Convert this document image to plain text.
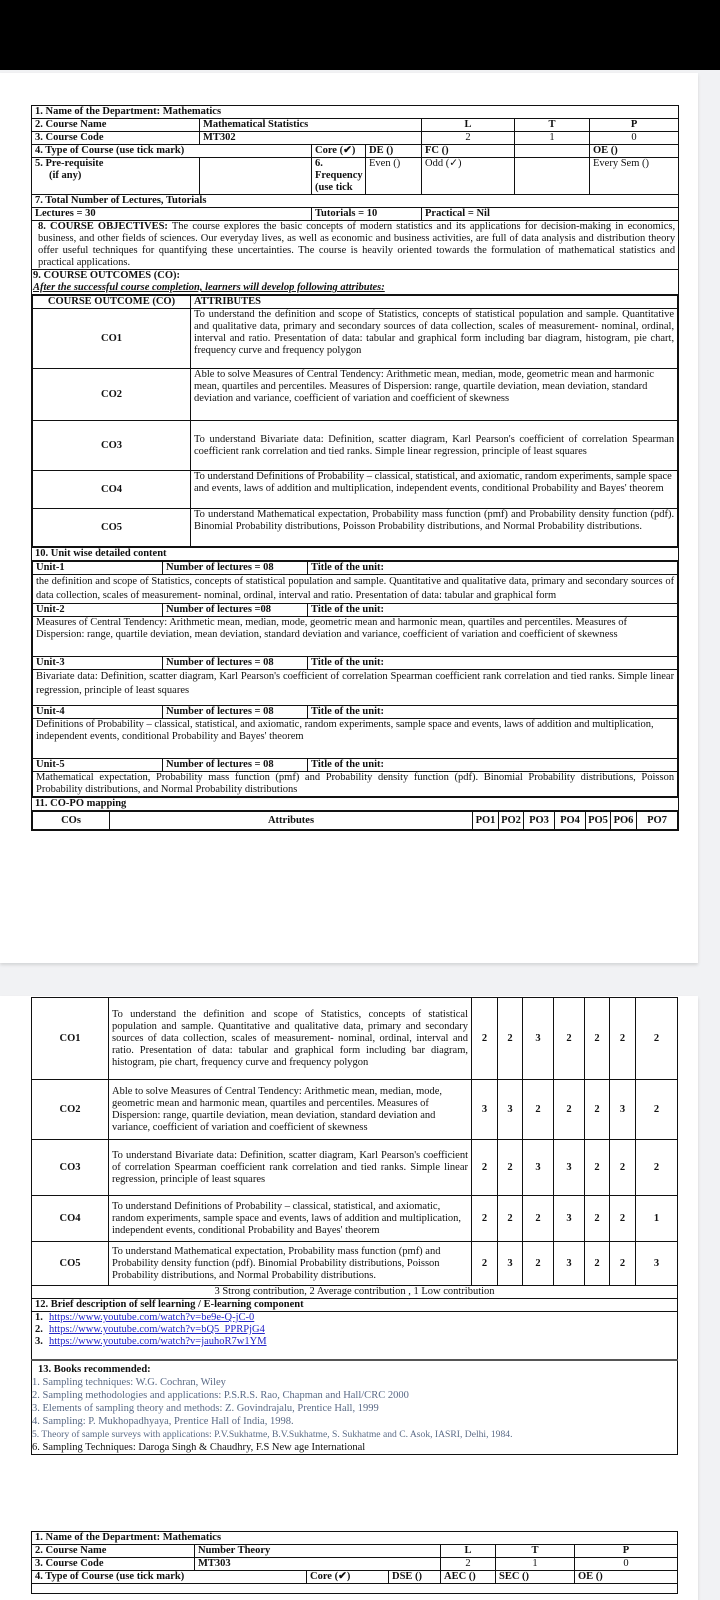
1. Name of the Department: Mathematics
2. Course Name	Mathematical Statistics	L	T	P
3. Course Code	MT302	2	1	0
4. Type of Course (use tick mark)	Core (✔)	DE ()	FC ()		OE ()
5. Pre-requisite
(if any)		6. Frequency (use tick	Even ()	Odd (✓)		Every Sem ()
7. Total Number of Lectures, Tutorials
Lectures = 30	Tutorials = 10	Practical = Nil
8. COURSE OBJECTIVES: The course explores the basic concepts of modern statistics and its applications for decision-making in economics, business, and other fields of sciences. Our everyday lives, as well as economic and business activities, are full of data analysis and distribution theory offer useful techniques for quantifying these uncertainties. The course is heavily oriented towards the formulation of mathematical statistics and practical applications.

9. COURSE OUTCOMES (CO):
After the successful course completion, learners will develop following attributes:

COURSE OUTCOME (CO)	ATTRIBUTES
CO1	To understand the definition and scope of Statistics, concepts of statistical population and sample. Quantitative and qualitative data, primary and secondary sources of data collection, scales of measurement- nominal, ordinal, interval and ratio. Presentation of data: tabular and graphical form including bar diagram, histogram, pie chart, frequency curve and frequency polygon
CO2	Able to solve Measures of Central Tendency: Arithmetic mean, median, mode, geometric mean and harmonic mean, quartiles and percentiles. Measures of Dispersion: range, quartile deviation, mean deviation, standard deviation and variance, coefficient of variation and coefficient of skewness
CO3	To understand Bivariate data: Definition, scatter diagram, Karl Pearson's coefficient of correlation Spearman coefficient rank correlation and tied ranks. Simple linear regression, principle of least squares
CO4	To understand Definitions of Probability – classical, statistical, and axiomatic, random experiments, sample space and events, laws of addition and multiplication, independent events, conditional Probability and Bayes' theorem
CO5	To understand Mathematical expectation, Probability mass function (pmf) and Probability density function (pdf). Binomial Probability distributions, Poisson Probability distributions, and Normal Probability distributions.

10. Unit wise detailed content

Unit-1	Number of lectures = 08	Title of the unit:
the definition and scope of Statistics, concepts of statistical population and sample. Quantitative and qualitative data, primary and secondary sources of data collection, scales of measurement- nominal, ordinal, interval and ratio. Presentation of data: tabular and graphical form
Unit-2	Number of lectures =08	Title of the unit:
Measures of Central Tendency: Arithmetic mean, median, mode, geometric mean and harmonic mean, quartiles and percentiles. Measures of Dispersion: range, quartile deviation, mean deviation, standard deviation and variance, coefficient of variation and coefficient of skewness
Unit-3	Number of lectures = 08	Title of the unit:
Bivariate data: Definition, scatter diagram, Karl Pearson's coefficient of correlation Spearman coefficient rank correlation and tied ranks. Simple linear regression, principle of least squares
Unit-4	Number of lectures = 08	Title of the unit:
Definitions of Probability – classical, statistical, and axiomatic, random experiments, sample space and events, laws of addition and multiplication, independent events, conditional Probability and Bayes' theorem
Unit-5	Number of lectures = 08	Title of the unit:
Mathematical expectation, Probability mass function (pmf) and Probability density function (pdf). Binomial Probability distributions, Poisson Probability distributions, and Normal Probability distributions

11. CO-PO mapping

COs	Attributes	PO1	PO2	PO3	PO4	PO5	PO6	PO7
CO1	To understand the definition and scope of Statistics, concepts of statistical population and sample. Quantitative and qualitative data, primary and secondary sources of data collection, scales of measurement- nominal, ordinal, interval and ratio. Presentation of data: tabular and graphical form including bar diagram, histogram, pie chart, frequency curve and frequency polygon	2	2	3	2	2	2	2
CO2	Able to solve Measures of Central Tendency: Arithmetic mean, median, mode, geometric mean and harmonic mean, quartiles and percentiles. Measures of Dispersion: range, quartile deviation, mean deviation, standard deviation and variance, coefficient of variation and coefficient of skewness	3	3	2	2	2	3	2
CO3	To understand Bivariate data: Definition, scatter diagram, Karl Pearson's coefficient of correlation Spearman coefficient rank correlation and tied ranks. Simple linear regression, principle of least squares	2	2	3	3	2	2	2
CO4	To understand Definitions of Probability – classical, statistical, and axiomatic, random experiments, sample space and events, laws of addition and multiplication, independent events, conditional Probability and Bayes' theorem	2	2	2	3	2	2	1
CO5	To understand Mathematical expectation, Probability mass function (pmf) and Probability density function (pdf). Binomial Probability distributions, Poisson Probability distributions, and Normal Probability distributions.	2	3	2	3	2	2	3
3 Strong contribution, 2 Average contribution , 1 Low contribution								
12. Brief description of self learning / E-learning component								

1. https://www.youtube.com/watch?v=be9e-Q-jC-0
2. https://www.youtube.com/watch?v=bQ5_PPRPjG4
3. https://www.youtube.com/watch?v=jauhoR7w1YM								

13. Books recommended:
1. Sampling techniques: W.G. Cochran, Wiley
2. Sampling methodologies and applications: P.S.R.S. Rao, Chapman and Hall/CRC 2000
3. Elements of sampling theory and methods: Z. Govindrajalu, Prentice Hall, 1999
4. Sampling: P. Mukhopadhyaya, Prentice Hall of India, 1998.
5. Theory of sample surveys with applications: P.V.Sukhatme, B.V.Sukhatme, S. Sukhatme and C. Asok, IASRI, Delhi, 1984.
6. Sampling Techniques: Daroga Singh & Chaudhry, F.S New age International
1. Name of the Department: Mathematics						
2. Course Name	Number Theory			L	T	P
3. Course Code	MT303			2	1	0
4. Type of Course (use tick mark)		Core (✔)	DSE ()	AEC ()	SEC ()	OE ()
